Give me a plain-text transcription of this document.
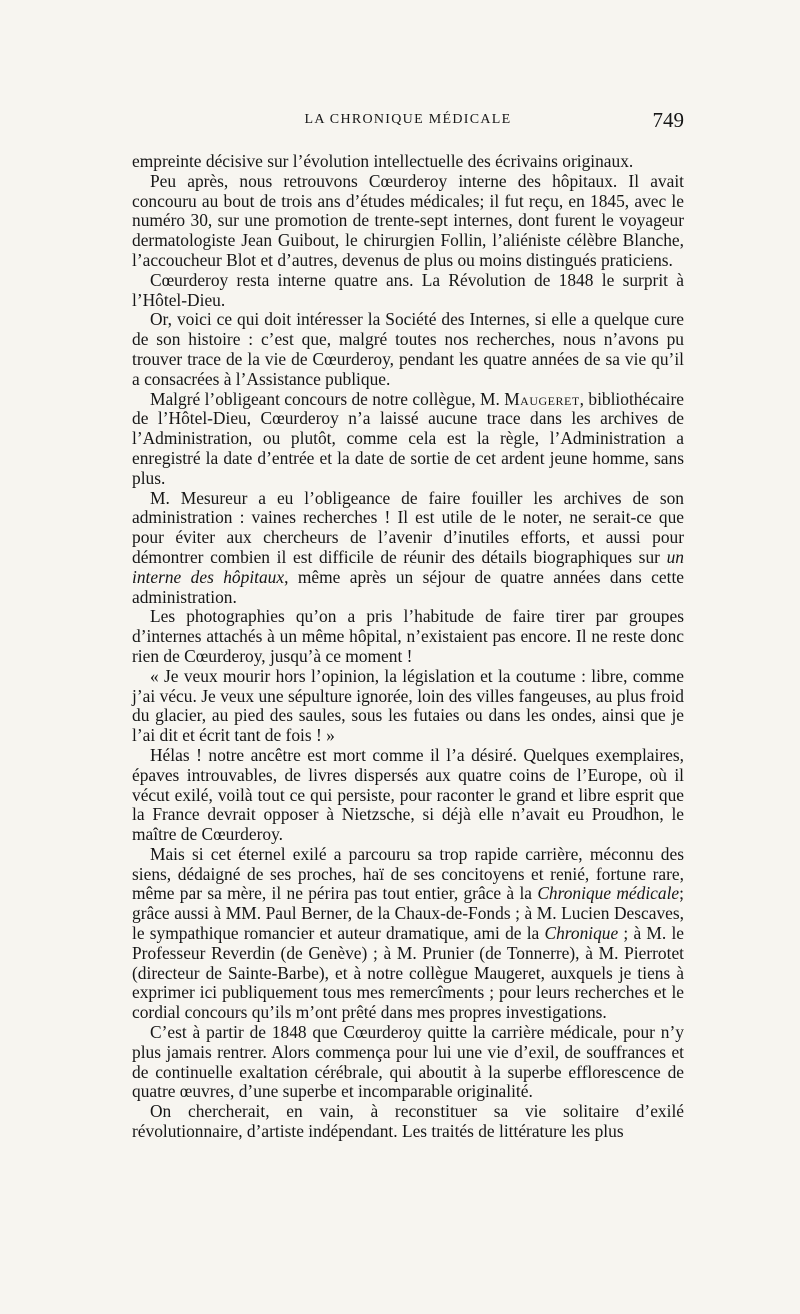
LA CHRONIQUE MÉDICALE	749

empreinte décisive sur l’évolution intellectuelle des écrivains originaux.

Peu après, nous retrouvons Cœurderoy interne des hôpitaux. Il avait concouru au bout de trois ans d’études médicales; il fut reçu, en 1845, avec le numéro 30, sur une promotion de trente-sept internes, dont furent le voyageur dermatologiste Jean Guibout, le chirurgien Follin, l’aliéniste célèbre Blanche, l’accoucheur Blot et d’autres, devenus de plus ou moins distingués praticiens.

Cœurderoy resta interne quatre ans. La Révolution de 1848 le surprit à l’Hôtel-Dieu.

Or, voici ce qui doit intéresser la Société des Internes, si elle a quelque cure de son histoire : c’est que, malgré toutes nos recherches, nous n’avons pu trouver trace de la vie de Cœurderoy, pendant les quatre années de sa vie qu’il a consacrées à l’Assistance publique.

Malgré l’obligeant concours de notre collègue, M. Maugeret, bibliothécaire de l’Hôtel-Dieu, Cœurderoy n’a laissé aucune trace dans les archives de l’Administration, ou plutôt, comme cela est la règle, l’Administration a enregistré la date d’entrée et la date de sortie de cet ardent jeune homme, sans plus.

M. Mesureur a eu l’obligeance de faire fouiller les archives de son administration : vaines recherches ! Il est utile de le noter, ne serait-ce que pour éviter aux chercheurs de l’avenir d’inutiles efforts, et aussi pour démontrer combien il est difficile de réunir des détails biographiques sur un interne des hôpitaux, même après un séjour de quatre années dans cette administration.

Les photographies qu’on a pris l’habitude de faire tirer par groupes d’internes attachés à un même hôpital, n’existaient pas encore. Il ne reste donc rien de Cœurderoy, jusqu’à ce moment !

« Je veux mourir hors l’opinion, la législation et la coutume : libre, comme j’ai vécu. Je veux une sépulture ignorée, loin des villes fangeuses, au plus froid du glacier, au pied des saules, sous les futaies ou dans les ondes, ainsi que je l’ai dit et écrit tant de fois ! »

Hélas ! notre ancêtre est mort comme il l’a désiré. Quelques exemplaires, épaves introuvables, de livres dispersés aux quatre coins de l’Europe, où il vécut exilé, voilà tout ce qui persiste, pour raconter le grand et libre esprit que la France devrait opposer à Nietzsche, si déjà elle n’avait eu Proudhon, le maître de Cœurderoy.

Mais si cet éternel exilé a parcouru sa trop rapide carrière, méconnu des siens, dédaigné de ses proches, haï de ses concitoyens et renié, fortune rare, même par sa mère, il ne périra pas tout entier, grâce à la Chronique médicale; grâce aussi à MM. Paul Berner, de la Chaux-de-Fonds ; à M. Lucien Descaves, le sympathique romancier et auteur dramatique, ami de la Chronique ; à M. le Professeur Reverdin (de Genève) ; à M. Prunier (de Tonnerre), à M. Pierrotet (directeur de Sainte-Barbe), et à notre collègue Maugeret, auxquels je tiens à exprimer ici publiquement tous mes remercîments ; pour leurs recherches et le cordial concours qu’ils m’ont prêté dans mes propres investigations.

C’est à partir de 1848 que Cœurderoy quitte la carrière médicale, pour n’y plus jamais rentrer. Alors commença pour lui une vie d’exil, de souffrances et de continuelle exaltation cérébrale, qui aboutit à la superbe efflorescence de quatre œuvres, d’une superbe et incomparable originalité.

On chercherait, en vain, à reconstituer sa vie solitaire d’exilé révolutionnaire, d’artiste indépendant. Les traités de littérature les plus
